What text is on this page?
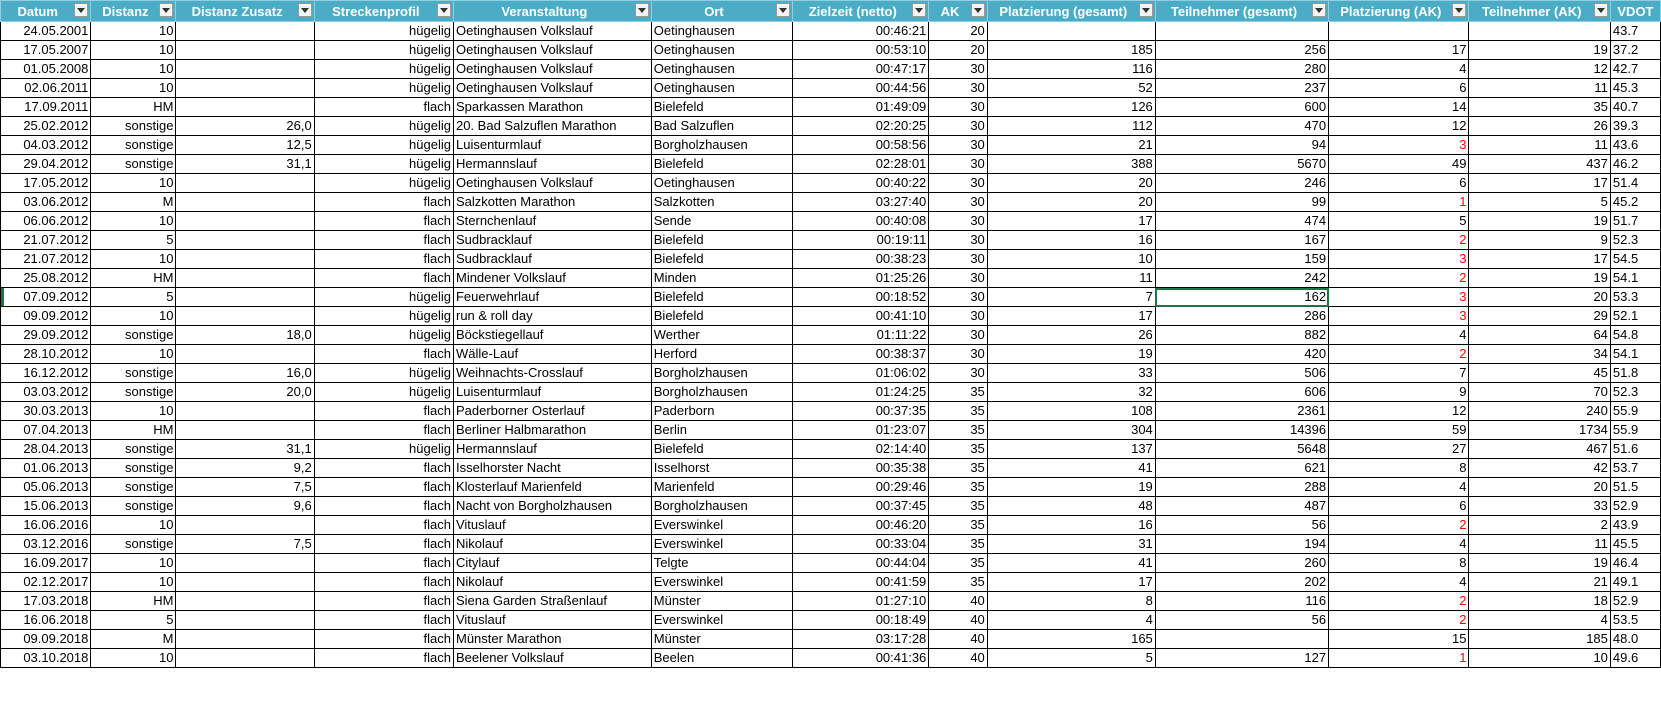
Datum	Distanz	Distanz Zusatz	Streckenprofil	Veranstaltung	Ort	Zielzeit (netto)	AK	Platzierung (gesamt)	Teilnehmer (gesamt)	Platzierung (AK)	Teilnehmer (AK)	VDOT
24.05.2001	10		hügelig	Oetinghausen Volkslauf	Oetinghausen	00:46:21	20					43.7
17.05.2007	10		hügelig	Oetinghausen Volkslauf	Oetinghausen	00:53:10	20	185	256	17	19	37.2
01.05.2008	10		hügelig	Oetinghausen Volkslauf	Oetinghausen	00:47:17	30	116	280	4	12	42.7
02.06.2011	10		hügelig	Oetinghausen Volkslauf	Oetinghausen	00:44:56	30	52	237	6	11	45.3
17.09.2011	HM		flach	Sparkassen Marathon	Bielefeld	01:49:09	30	126	600	14	35	40.7
25.02.2012	sonstige	26,0	hügelig	20. Bad Salzuflen Marathon	Bad Salzuflen	02:20:25	30	112	470	12	26	39.3
04.03.2012	sonstige	12,5	hügelig	Luisenturmlauf	Borgholzhausen	00:58:56	30	21	94	3	11	43.6
29.04.2012	sonstige	31,1	hügelig	Hermannslauf	Bielefeld	02:28:01	30	388	5670	49	437	46.2
17.05.2012	10		hügelig	Oetinghausen Volkslauf	Oetinghausen	00:40:22	30	20	246	6	17	51.4
03.06.2012	M		flach	Salzkotten Marathon	Salzkotten	03:27:40	30	20	99	1	5	45.2
06.06.2012	10		flach	Sternchenlauf	Sende	00:40:08	30	17	474	5	19	51.7
21.07.2012	5		flach	Sudbracklauf	Bielefeld	00:19:11	30	16	167	2	9	52.3
21.07.2012	10		flach	Sudbracklauf	Bielefeld	00:38:23	30	10	159	3	17	54.5
25.08.2012	HM		flach	Mindener Volkslauf	Minden	01:25:26	30	11	242	2	19	54.1
07.09.2012	5		hügelig	Feuerwehrlauf	Bielefeld	00:18:52	30	7	162	3	20	53.3
09.09.2012	10		hügelig	run & roll day	Bielefeld	00:41:10	30	17	286	3	29	52.1
29.09.2012	sonstige	18,0	hügelig	Böckstiegellauf	Werther	01:11:22	30	26	882	4	64	54.8
28.10.2012	10		flach	Wälle-Lauf	Herford	00:38:37	30	19	420	2	34	54.1
16.12.2012	sonstige	16,0	hügelig	Weihnachts-Crosslauf	Borgholzhausen	01:06:02	30	33	506	7	45	51.8
03.03.2012	sonstige	20,0	hügelig	Luisenturmlauf	Borgholzhausen	01:24:25	35	32	606	9	70	52.3
30.03.2013	10		flach	Paderborner Osterlauf	Paderborn	00:37:35	35	108	2361	12	240	55.9
07.04.2013	HM		flach	Berliner Halbmarathon	Berlin	01:23:07	35	304	14396	59	1734	55.9
28.04.2013	sonstige	31,1	hügelig	Hermannslauf	Bielefeld	02:14:40	35	137	5648	27	467	51.6
01.06.2013	sonstige	9,2	flach	Isselhorster Nacht	Isselhorst	00:35:38	35	41	621	8	42	53.7
05.06.2013	sonstige	7,5	flach	Klosterlauf Marienfeld	Marienfeld	00:29:46	35	19	288	4	20	51.5
15.06.2013	sonstige	9,6	flach	Nacht von Borgholzhausen	Borgholzhausen	00:37:45	35	48	487	6	33	52.9
16.06.2016	10		flach	Vituslauf	Everswinkel	00:46:20	35	16	56	2	2	43.9
03.12.2016	sonstige	7,5	flach	Nikolauf	Everswinkel	00:33:04	35	31	194	4	11	45.5
16.09.2017	10		flach	Citylauf	Telgte	00:44:04	35	41	260	8	19	46.4
02.12.2017	10		flach	Nikolauf	Everswinkel	00:41:59	35	17	202	4	21	49.1
17.03.2018	HM		flach	Siena Garden Straßenlauf	Münster	01:27:10	40	8	116	2	18	52.9
16.06.2018	5		flach	Vituslauf	Everswinkel	00:18:49	40	4	56	2	4	53.5
09.09.2018	M		flach	Münster Marathon	Münster	03:17:28	40	165		15	185	48.0
03.10.2018	10		flach	Beelener Volkslauf	Beelen	00:41:36	40	5	127	1	10	49.6
